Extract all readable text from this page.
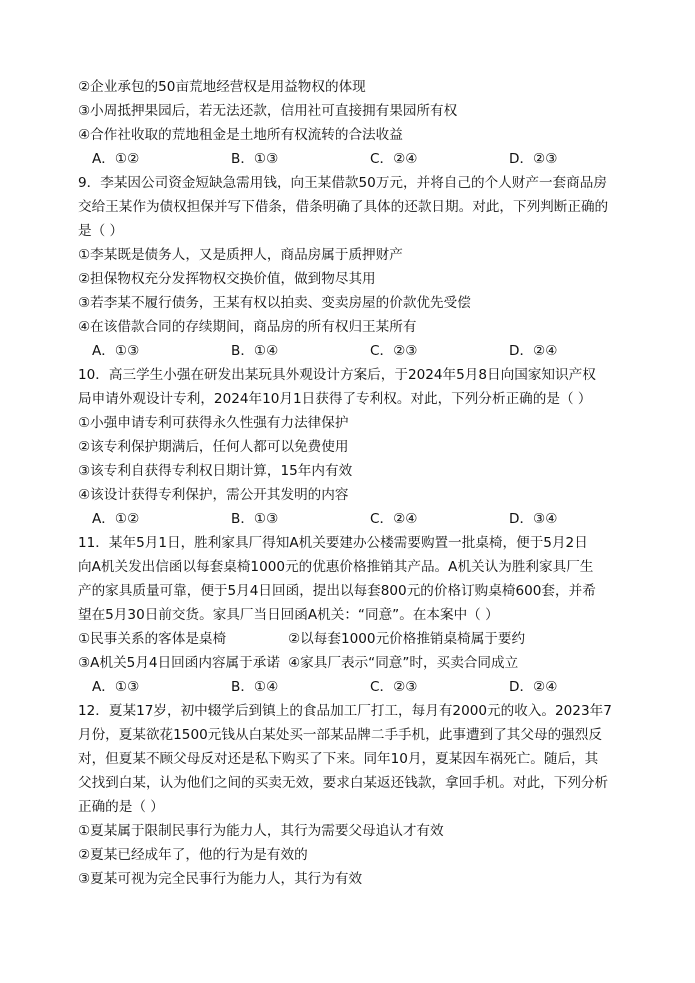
②企业承包的50亩荒地经营权是用益物权的体现
③小周抵押果园后，若无法还款，信用社可直接拥有果园所有权
④合作社收取的荒地租金是土地所有权流转的合法收益
A．①②	B．①③	C．②④	D．②③
9．李某因公司资金短缺急需用钱，向王某借款50万元，并将自己的个人财产一套商品房
交给王某作为债权担保并写下借条，借条明确了具体的还款日期。对此，下列判断正确的
是（ ）
①李某既是债务人，又是质押人，商品房属于质押财产
②担保物权充分发挥物权交换价值，做到物尽其用
③若李某不履行债务，王某有权以拍卖、变卖房屋的价款优先受偿
④在该借款合同的存续期间，商品房的所有权归王某所有
A．①③	B．①④	C．②③	D．②④
10．高三学生小强在研发出某玩具外观设计方案后，于2024年5月8日向国家知识产权
局申请外观设计专利，2024年10月1日获得了专利权。对此，下列分析正确的是（ ）
①小强申请专利可获得永久性强有力法律保护
②该专利保护期满后，任何人都可以免费使用
③该专利自获得专利权日期计算，15年内有效
④该设计获得专利保护，需公开其发明的内容
A．①②	B．①③	C．②④	D．③④
11．某年5月1日，胜利家具厂得知A机关要建办公楼需要购置一批桌椅，便于5月2日
向A机关发出信函以每套桌椅1000元的优惠价格推销其产品。A机关认为胜利家具厂生
产的家具质量可靠，便于5月4日回函，提出以每套800元的价格订购桌椅600套，并希
望在5月30日前交货。家具厂当日回函A机关：“同意”。在本案中（ ）
①民事关系的客体是桌椅	②以每套1000元价格推销桌椅属于要约
③A机关5月4日回函内容属于承诺 ④家具厂表示“同意”时，买卖合同成立
A．①③	B．①④	C．②③	D．②④
12．夏某17岁，初中辍学后到镇上的食品加工厂打工，每月有2000元的收入。2023年7
月份，夏某欲花1500元钱从白某处买一部某品牌二手手机，此事遭到了其父母的强烈反
对，但夏某不顾父母反对还是私下购买了下来。同年10月，夏某因车祸死亡。随后，其
父找到白某，认为他们之间的买卖无效，要求白某返还钱款，拿回手机。对此，下列分析
正确的是（ ）
①夏某属于限制民事行为能力人，其行为需要父母追认才有效
②夏某已经成年了，他的行为是有效的
③夏某可视为完全民事行为能力人，其行为有效
